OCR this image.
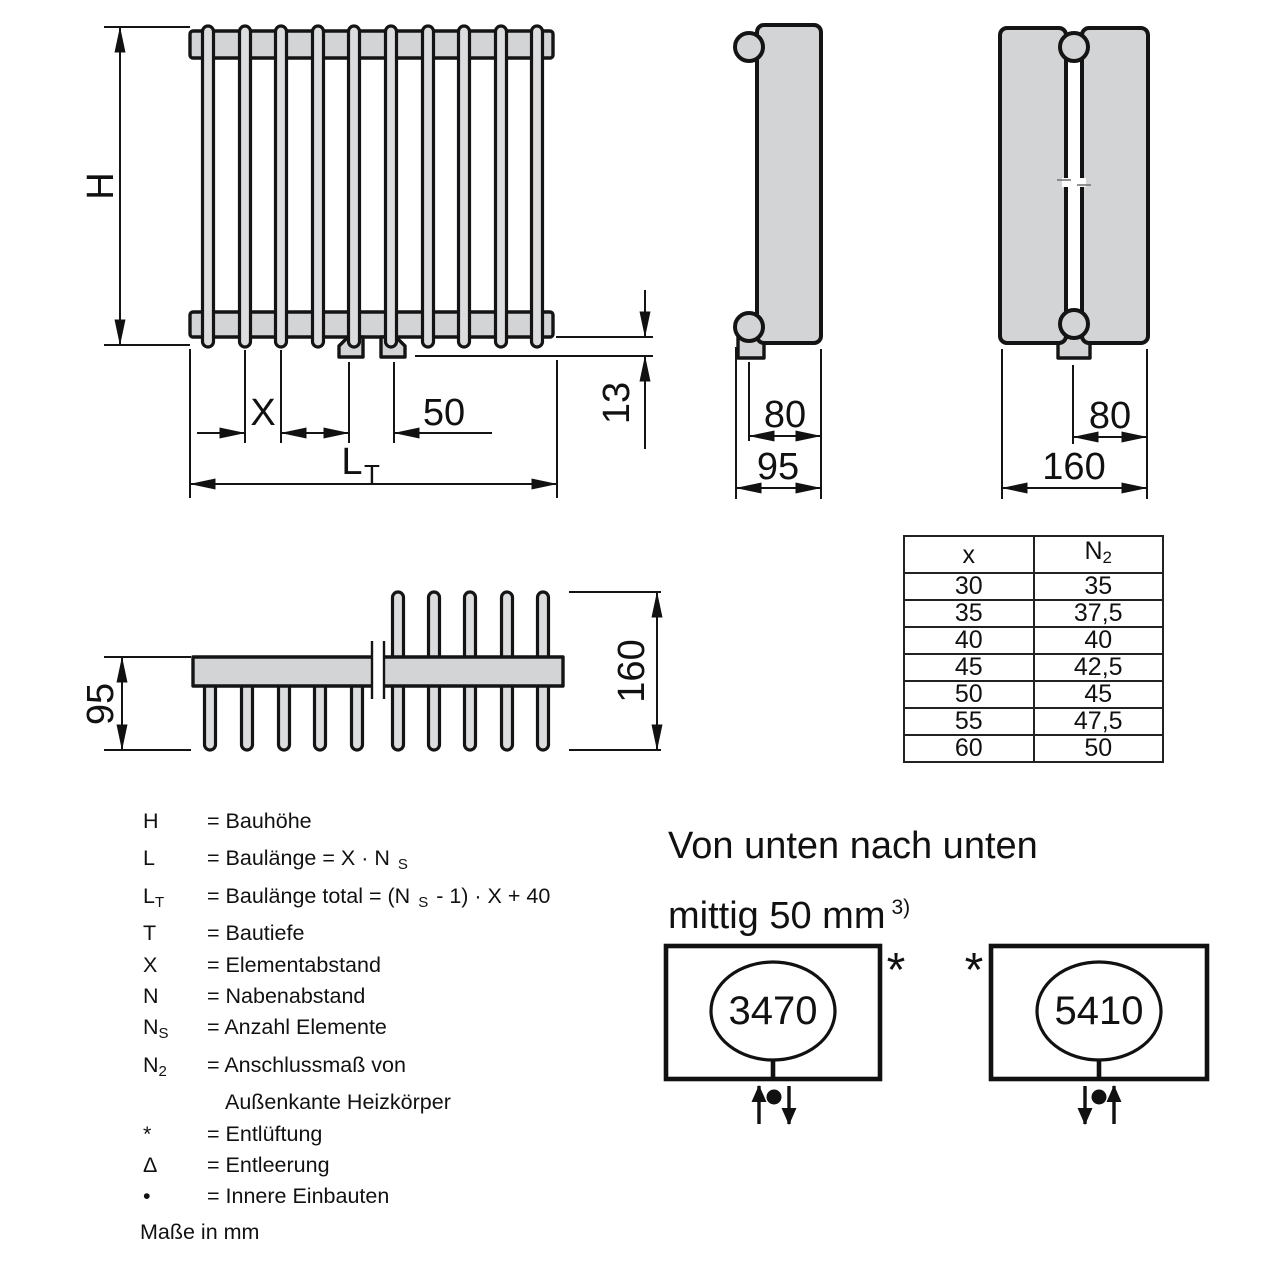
H
X	50
L T
13	80
95
80
160
95
160
3470
*
5410
*
x	N2
30	35
35	37,5
40	40
45	42,5
50	45
55	47,5
60	50
H	= Bauhöhe
L	= Baulänge = X · N $_S$
$L_T$	= Baulänge total = (N $_S$ - 1) · X + 40
T	= Bautiefe
X	= Elementabstand
N	= Nabenabstand
$N_S$	= Anzahl Elemente
$N_2$	= Anschlussmaß von
Außenkante Heizkörper
*	= Entlüftung
Δ	= Entleerung
•	= Innere Einbauten
Von unten nach unten
mittig 50 mm $^{3)}$
Maße in mm
